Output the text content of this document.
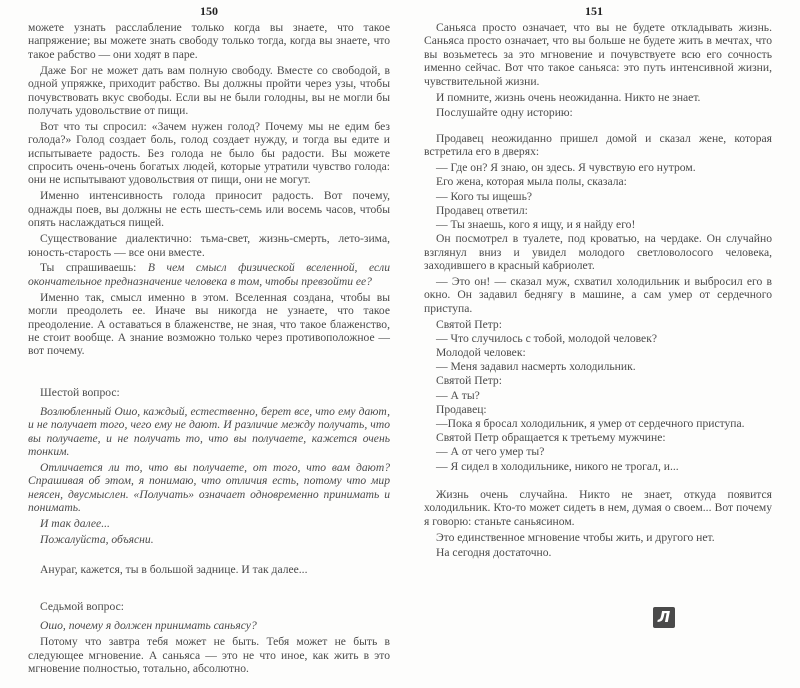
150

можете узнать расслабление только когда вы знаете, что такое напряжение; вы можете знать свободу только тогда, когда вы знаете, что такое рабство — они ходят в паре.

Даже Бог не может дать вам полную свободу. Вместе со свободой, в одной упряжке, приходит рабство. Вы должны пройти через узы, чтобы почувствовать вкус свободы. Если вы не были голодны, вы не могли бы получать удовольствие от пищи.

Вот что ты спросил: «Зачем нужен голод? Почему мы не едим без голода?» Голод создает боль, голод создает нужду, и тогда вы едите и испытываете радость. Без голода не было бы радости. Вы можете спросить очень-очень богатых людей, которые утратили чувство голода: они не испытывают удовольствия от пищи, они не могут.

Именно интенсивность голода приносит радость. Вот почему, однажды поев, вы должны не есть шесть-семь или восемь часов, чтобы опять наслаждаться пищей.

Существование диалектично: тьма-свет, жизнь-смерть, лето-зима, юность-старость — все они вместе.

Ты спрашиваешь: В чем смысл физической вселенной, если окончательное предназначение человека в том, чтобы превзойти ее?

Именно так, смысл именно в этом. Вселенная создана, чтобы вы могли преодолеть ее. Иначе вы никогда не узнаете, что такое преодоление. А оставаться в блаженстве, не зная, что такое блаженство, не стоит вообще. А знание возможно только через противоположное — вот почему.

Шестой вопрос:

Возлюбленный Ошо, каждый, естественно, берет все, что ему дают, и не получает того, чего ему не дают. И различие между получать, что вы получаете, и не получать то, что вы получаете, кажется очень тонким.

Отличается ли то, что вы получаете, от того, что вам дают? Спрашивая об этом, я понимаю, что отличия есть, потому что мир неясен, двусмыслен. «Получать» означает одновременно принимать и понимать.

И так далее...

Пожалуйста, объясни.

Анураг, кажется, ты в большой заднице. И так далее...

Седьмой вопрос:

Ошо, почему я должен принимать саньясу?

Потому что завтра тебя может не быть. Тебя может не быть в следующее мгновение. А саньяса — это не что иное, как жить в это мгновение полностью, тотально, абсолютно.

151

Саньяса просто означает, что вы не будете откладывать жизнь. Саньяса просто означает, что вы больше не будете жить в мечтах, что вы возьметесь за это мгновение и почувствуете всю его сочность именно сейчас. Вот что такое саньяса: это путь интенсивной жизни, чувствительной жизни.

И помните, жизнь очень неожиданна. Никто не знает.

Послушайте одну историю:

Продавец неожиданно пришел домой и сказал жене, которая встретила его в дверях:

— Где он? Я знаю, он здесь. Я чувствую его нутром.

Его жена, которая мыла полы, сказала:

— Кого ты ищешь?

Продавец ответил:

— Ты знаешь, кого я ищу, и я найду его!

Он посмотрел в туалете, под кроватью, на чердаке. Он случайно взглянул вниз и увидел молодого светловолосого человека, заходившего в красный кабриолет.

— Это он! — сказал муж, схватил холодильник и выбросил его в окно. Он задавил беднягу в машине, а сам умер от сердечного приступа.

Святой Петр:

— Что случилось с тобой, молодой человек?

Молодой человек:

— Меня задавил насмерть холодильник.

Святой Петр:

— А ты?

Продавец:

—Пока я бросал холодильник, я умер от сердечного приступа.

Святой Петр обращается к третьему мужчине:

— А от чего умер ты?

— Я сидел в холодильнике, никого не трогал, и...

Жизнь очень случайна. Никто не знает, откуда появится холодильник. Кто-то может сидеть в нем, думая о своем... Вот почему я говорю: станьте саньясином.

Это единственное мгновение чтобы жить, и другого нет.

На сегодня достаточно.

Л
